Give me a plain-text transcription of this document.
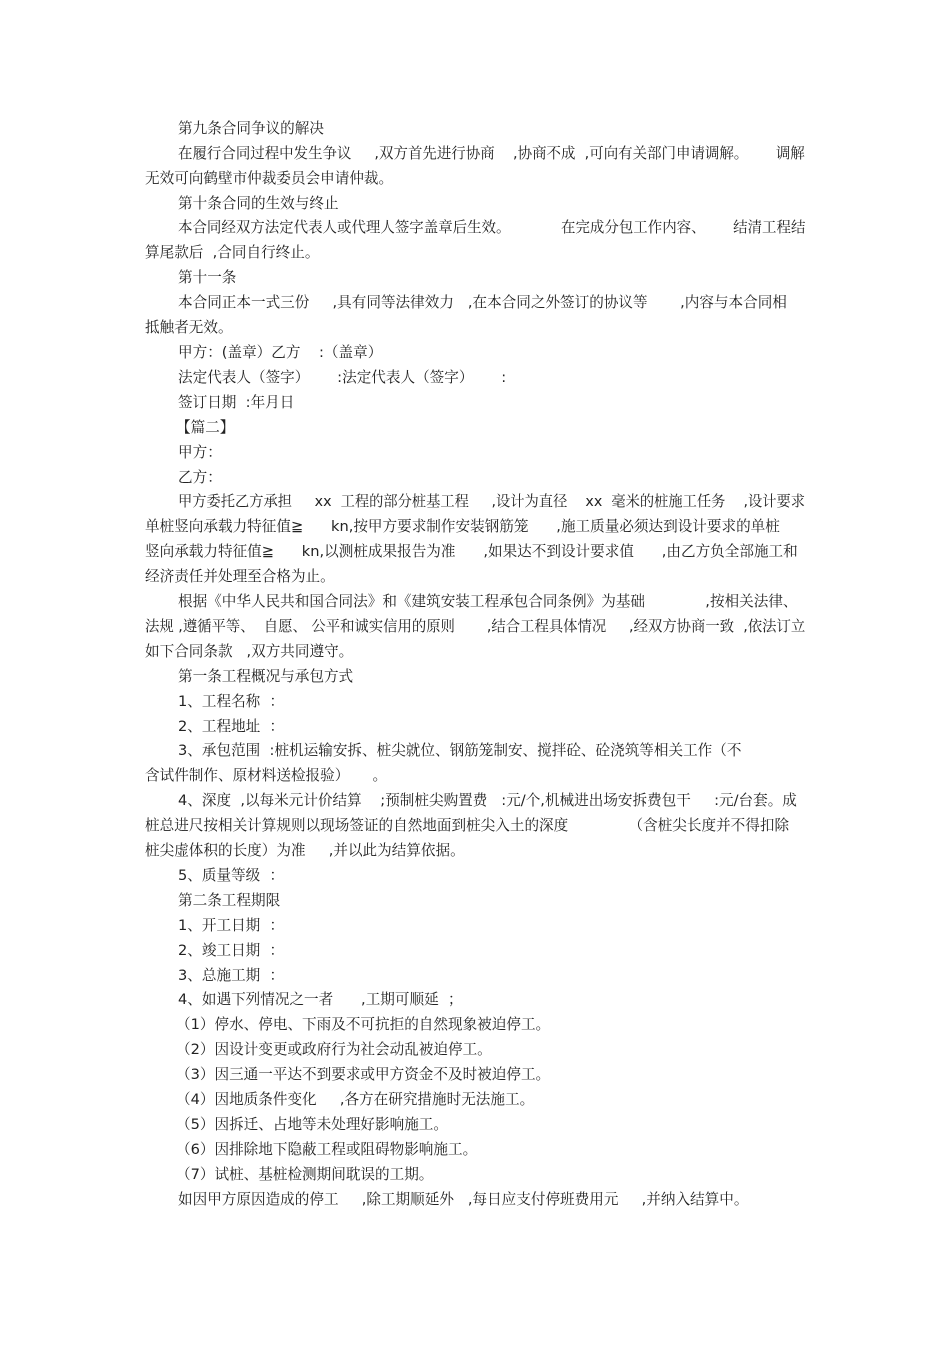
第九条合同争议的解决
在履行合同过程中发生争议     ,双方首先进行协商    ,协商不成  ,可向有关部门申请调解。      调解
无效可向鹤壁市仲裁委员会申请仲裁。
第十条合同的生效与终止
本合同经双方法定代表人或代理人签字盖章后生效。           在完成分包工作内容、      结清工程结
算尾款后  ,合同自行终止。
第十一条
本合同正本一式三份     ,具有同等法律效力   ,在本合同之外签订的协议等       ,内容与本合同相
抵触者无效。
甲方：(盖章）乙方    :（盖章）
法定代表人（签字）      :法定代表人（签字）      :
签订日期  :年月日
【篇二】
甲方：
乙方：
甲方委托乙方承担     xx  工程的部分桩基工程     ,设计为直径    xx  毫米的桩施工任务    ,设计要求
单桩竖向承载力特征值≧      kn,按甲方要求制作安装钢筋笼      ,施工质量必须达到设计要求的单桩
竖向承载力特征值≧      kn,以测桩成果报告为准      ,如果达不到设计要求值      ,由乙方负全部施工和
经济责任并处理至合格为止。
根据《中华人民共和国合同法》和《建筑安装工程承包合同条例》为基础             ,按相关法律、
法规 ,遵循平等、  自愿、 公平和诚实信用的原则       ,结合工程具体情况     ,经双方协商一致  ,依法订立
如下合同条款   ,双方共同遵守。
第一条工程概况与承包方式
1、工程名称  ：
2、工程地址  ：
3、承包范围  :桩机运输安拆、桩尖就位、钢筋笼制安、搅拌砼、砼浇筑等相关工作（不
含试件制作、原材料送检报验）     。
4、深度  ,以每米元计价结算    ;预制桩尖购置费   :元/个,机械进出场安拆费包干     :元/台套。成
桩总进尺按相关计算规则以现场签证的自然地面到桩尖入土的深度             （含桩尖长度并不得扣除
桩尖虚体积的长度）为准     ,并以此为结算依据。
5、质量等级  ：
第二条工程期限
1、开工日期  ：
2、竣工日期  ：
3、总施工期  ：
4、如遇下列情况之一者      ,工期可顺延  ；
（1）停水、停电、下雨及不可抗拒的自然现象被迫停工。
（2）因设计变更或政府行为社会动乱被迫停工。
（3）因三通一平达不到要求或甲方资金不及时被迫停工。
（4）因地质条件变化     ,各方在研究措施时无法施工。
（5）因拆迁、占地等未处理好影响施工。
（6）因排除地下隐蔽工程或阻碍物影响施工。
（7）试桩、基桩检测期间耽误的工期。
如因甲方原因造成的停工     ,除工期顺延外   ,每日应支付停班费用元     ,并纳入结算中。
